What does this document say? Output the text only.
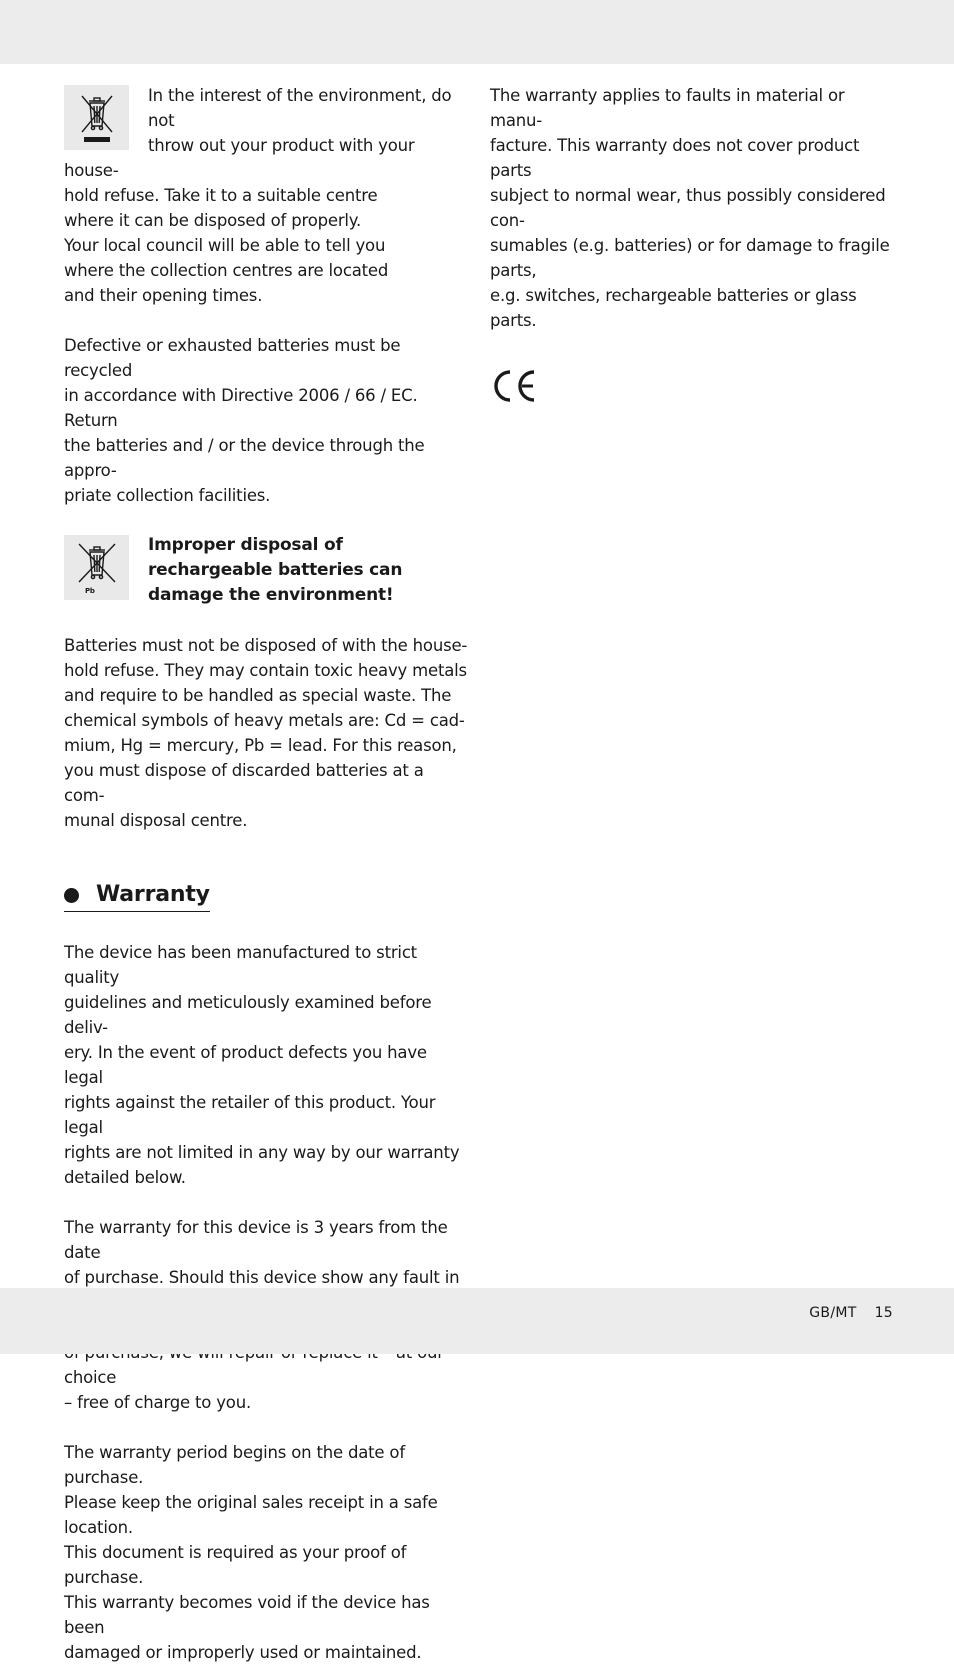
In the interest of the environment, do not
throw out your product with your house-
hold refuse. Take it to a suitable centre
where it can be disposed of properly.
Your local council will be able to tell you
where the collection centres are located
and their opening times.

Defective or exhausted batteries must be recycled
in accordance with Directive 2006 / 66 / EC. Return
the batteries and / or the device through the appro-
priate collection facilities.

Pb

Improper disposal of
rechargeable batteries can
damage the environment!

Batteries must not be disposed of with the house-
hold refuse. They may contain toxic heavy metals
and require to be handled as special waste. The
chemical symbols of heavy metals are: Cd = cad-
mium, Hg = mercury, Pb = lead. For this reason,
you must dispose of discarded batteries at a com-
munal disposal centre.

Warranty

The device has been manufactured to strict quality
guidelines and meticulously examined before deliv-
ery. In the event of product defects you have legal
rights against the retailer of this product. Your legal
rights are not limited in any way by our warranty
detailed below.

The warranty for this device is 3 years from the date
of purchase. Should this device show any fault in
choice
– free of charge to you.

The warranty period begins on the date of purchase.
Please keep the original sales receipt in a safe location.
This document is required as your proof of purchase.
This warranty becomes void if the device has been
damaged or improperly used or maintained.

The warranty applies to faults in material or manu-
facture. This warranty does not cover product parts
subject to normal wear, thus possibly considered con-
sumables (e.g. batteries) or for damage to fragile parts,
e.g. switches, rechargeable batteries or glass parts.

GB/MT 15
